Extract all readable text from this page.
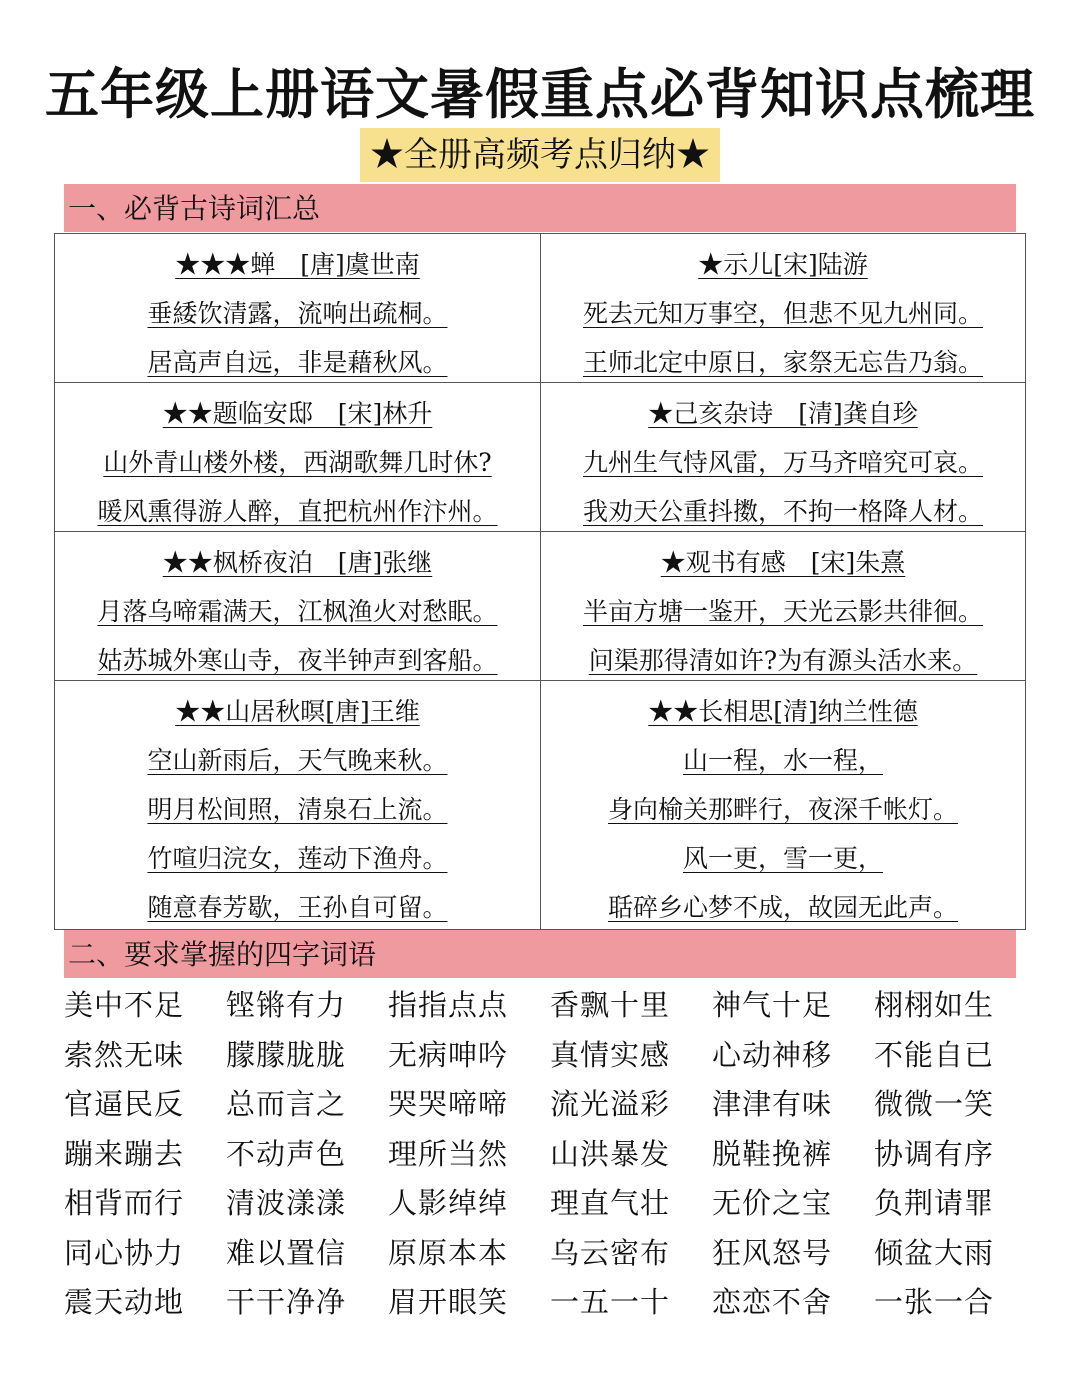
五年级上册语文暑假重点必背知识点梳理
★全册高频考点归纳★
一、必背古诗词汇总
★★★蝉　[唐]虞世南
垂緌饮清露，流响出疏桐。
居高声自远，非是藉秋风。
★示儿[宋]陆游
死去元知万事空，但悲不见九州同。
王师北定中原日，家祭无忘告乃翁。
★★题临安邸　[宋]林升
山外青山楼外楼，西湖歌舞几时休?
暖风熏得游人醉，直把杭州作汴州。
★己亥杂诗　[清]龚自珍
九州生气恃风雷，万马齐喑究可哀。
我劝天公重抖擞，不拘一格降人材。
★★枫桥夜泊　[唐]张继
月落乌啼霜满天，江枫渔火对愁眠。
姑苏城外寒山寺，夜半钟声到客船。
★观书有感　[宋]朱熹
半亩方塘一鉴开，天光云影共徘徊。
问渠那得清如许?为有源头活水来。
★★山居秋暝[唐]王维
空山新雨后，天气晚来秋。
明月松间照，清泉石上流。
竹喧归浣女，莲动下渔舟。
随意春芳歇，王孙自可留。
★★长相思[清]纳兰性德
山一程，水一程，
身向榆关那畔行，夜深千帐灯。
风一更，雪一更，
聒碎乡心梦不成，故园无此声。
二、要求掌握的四字词语
美中不足 铿锵有力 指指点点 香飘十里 神气十足 栩栩如生
索然无味 朦朦胧胧 无病呻吟 真情实感 心动神移 不能自已
官逼民反 总而言之 哭哭啼啼 流光溢彩 津津有味 微微一笑
蹦来蹦去 不动声色 理所当然 山洪暴发 脱鞋挽裤 协调有序
相背而行 清波漾漾 人影绰绰 理直气壮 无价之宝 负荆请罪
同心协力 难以置信 原原本本 乌云密布 狂风怒号 倾盆大雨
震天动地 干干净净 眉开眼笑 一五一十 恋恋不舍 一张一合
